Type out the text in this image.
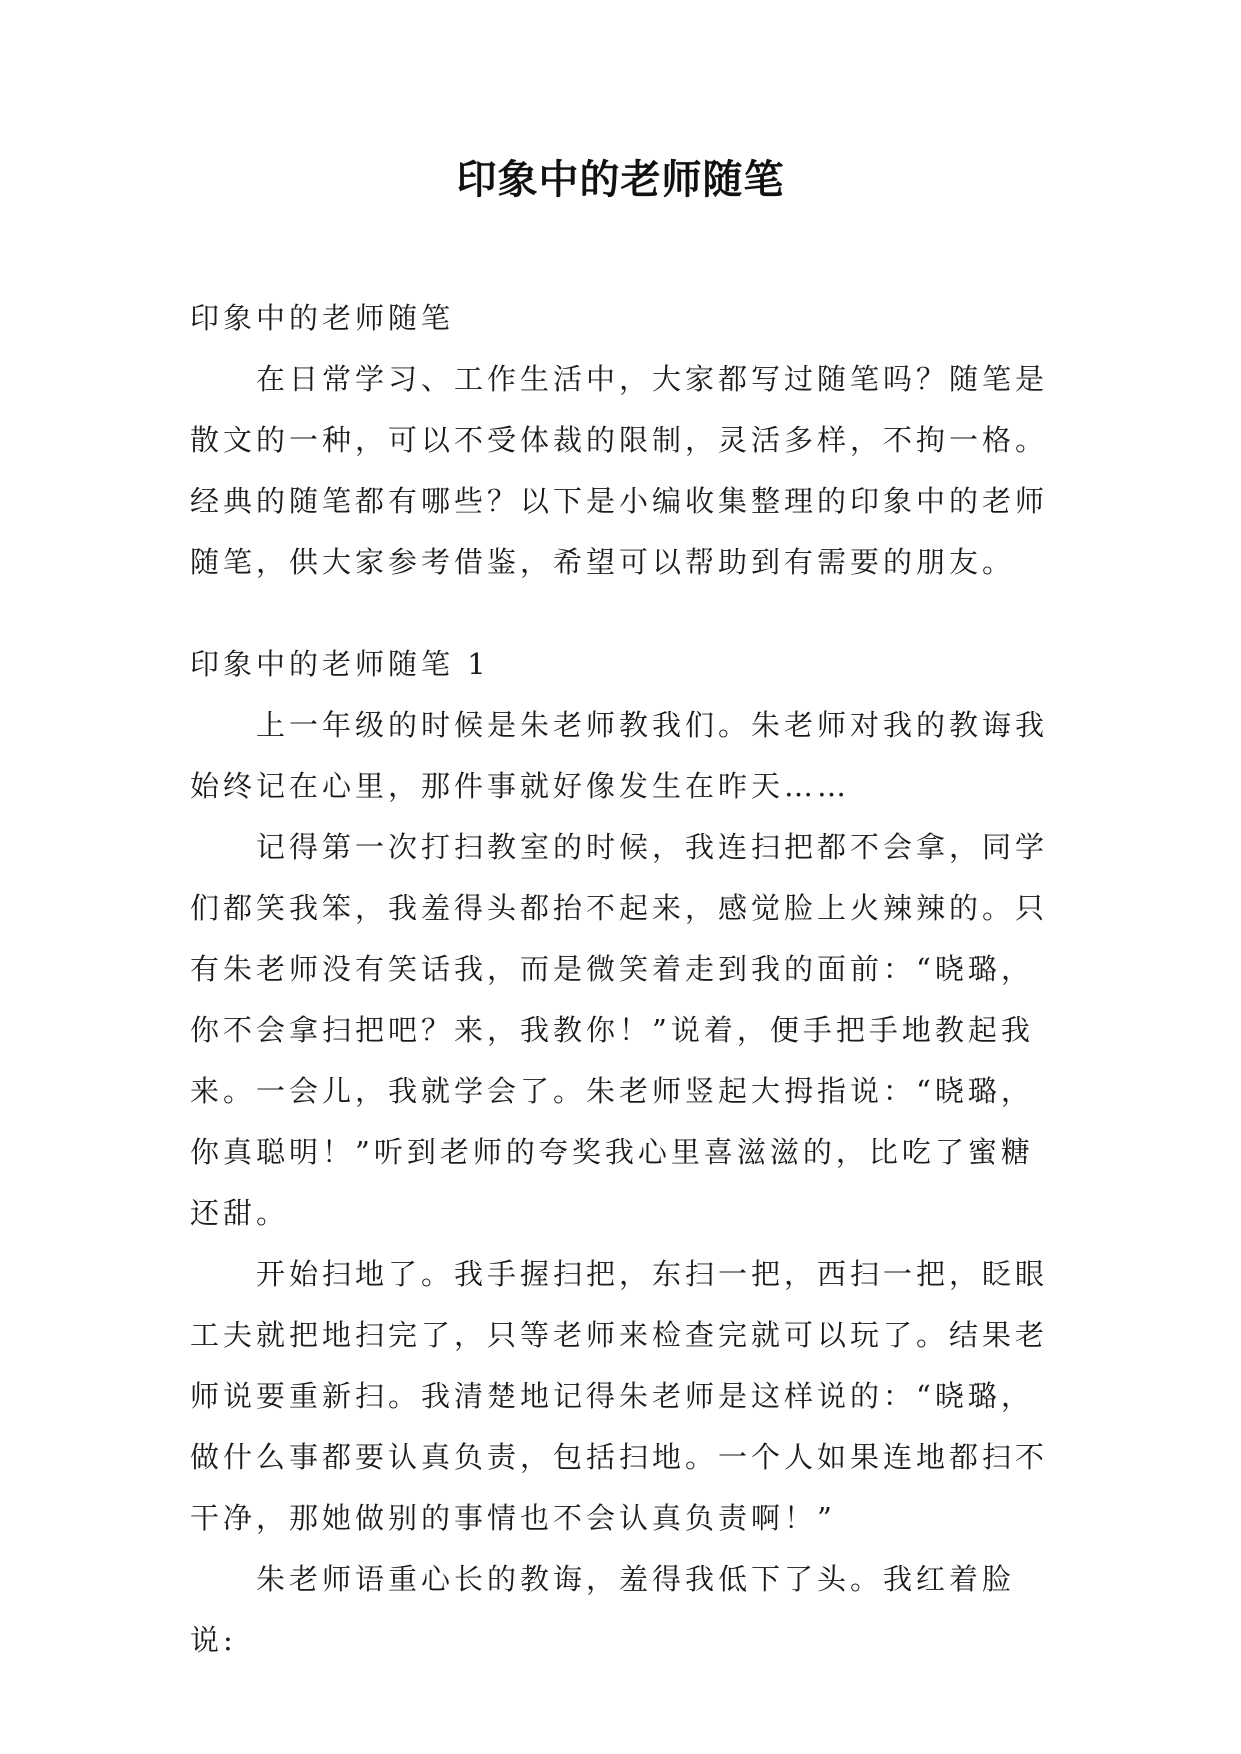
印象中的老师随笔

印象中的老师随笔

在日常学习、工作生活中，大家都写过随笔吗？随笔是散文的一种，可以不受体裁的限制，灵活多样，不拘一格。经典的随笔都有哪些？以下是小编收集整理的印象中的老师随笔，供大家参考借鉴，希望可以帮助到有需要的朋友。

印象中的老师随笔 1

上一年级的时候是朱老师教我们。朱老师对我的教诲我始终记在心里，那件事就好像发生在昨天……

记得第一次打扫教室的时候，我连扫把都不会拿，同学们都笑我笨，我羞得头都抬不起来，感觉脸上火辣辣的。只有朱老师没有笑话我，而是微笑着走到我的面前：“晓璐，你不会拿扫把吧？来，我教你！”说着，便手把手地教起我来。一会儿，我就学会了。朱老师竖起大拇指说：“晓璐，你真聪明！”听到老师的夸奖我心里喜滋滋的，比吃了蜜糖还甜。

开始扫地了。我手握扫把，东扫一把，西扫一把，眨眼工夫就把地扫完了，只等老师来检查完就可以玩了。结果老师说要重新扫。我清楚地记得朱老师是这样说的：“晓璐，做什么事都要认真负责，包括扫地。一个人如果连地都扫不干净，那她做别的事情也不会认真负责啊！”

朱老师语重心长的教诲，羞得我低下了头。我红着脸说:
